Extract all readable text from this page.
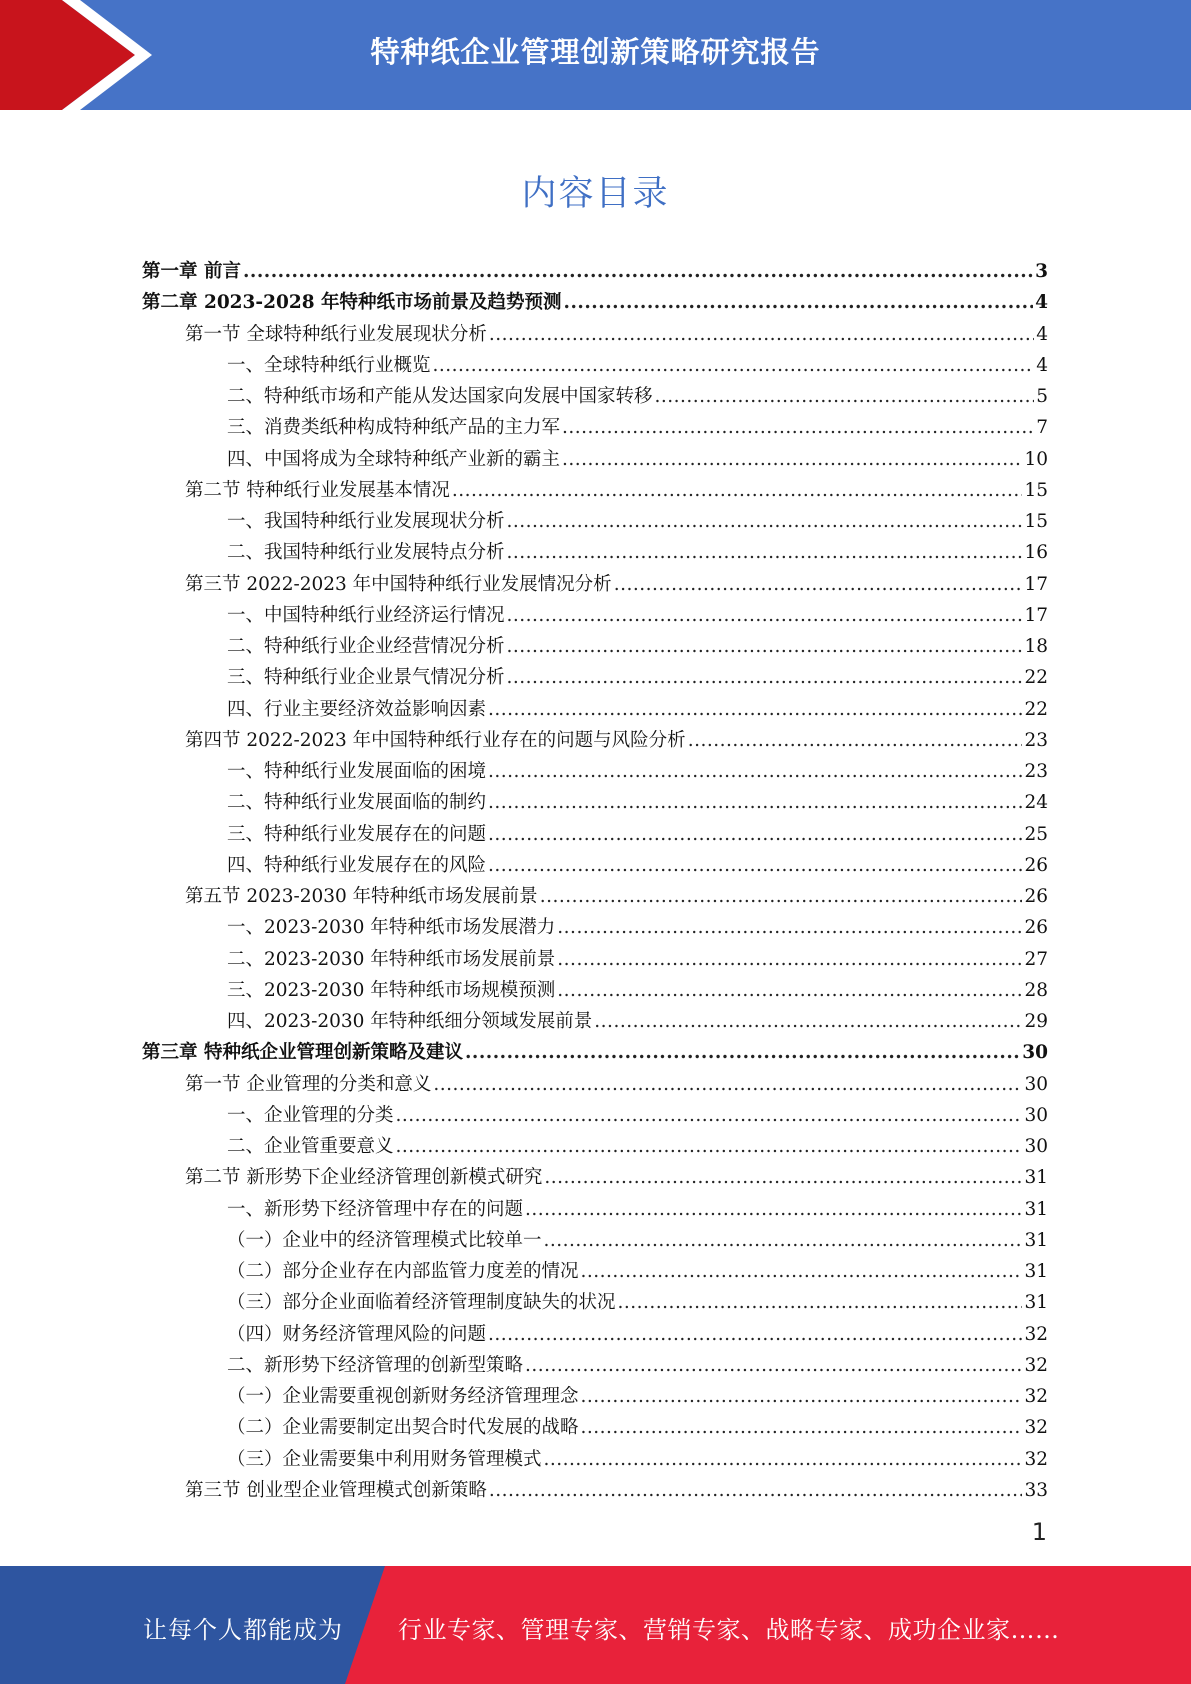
特种纸企业管理创新策略研究报告
内容目录
第一章 前言 .....	3
第二章 2023-2028 年特种纸市场前景及趋势预测 .....	4
第一节 全球特种纸行业发展现状分析 .....	4
一、全球特种纸行业概览 .....	4
二、特种纸市场和产能从发达国家向发展中国家转移 .....	5
三、消费类纸种构成特种纸产品的主力军 .....	7
四、中国将成为全球特种纸产业新的霸主 .....	10
第二节 特种纸行业发展基本情况 .....	15
一、我国特种纸行业发展现状分析 .....	15
二、我国特种纸行业发展特点分析 .....	16
第三节 2022-2023 年中国特种纸行业发展情况分析 .....	17
一、中国特种纸行业经济运行情况 .....	17
二、特种纸行业企业经营情况分析 .....	18
三、特种纸行业企业景气情况分析 .....	22
四、行业主要经济效益影响因素 .....	22
第四节 2022-2023 年中国特种纸行业存在的问题与风险分析 .....	23
一、特种纸行业发展面临的困境 .....	23
二、特种纸行业发展面临的制约 .....	24
三、特种纸行业发展存在的问题 .....	25
四、特种纸行业发展存在的风险 .....	26
第五节 2023-2030 年特种纸市场发展前景 .....	26
一、2023-2030 年特种纸市场发展潜力 .....	26
二、2023-2030 年特种纸市场发展前景 .....	27
三、2023-2030 年特种纸市场规模预测 .....	28
四、2023-2030 年特种纸细分领域发展前景 .....	29
第三章 特种纸企业管理创新策略及建议 .....	30
第一节 企业管理的分类和意义 .....	30
一、企业管理的分类 .....	30
二、企业管重要意义 .....	30
第二节 新形势下企业经济管理创新模式研究 .....	31
一、新形势下经济管理中存在的问题 .....	31
（一）企业中的经济管理模式比较单一 .....	31
（二）部分企业存在内部监管力度差的情况 .....	31
（三）部分企业面临着经济管理制度缺失的状况 .....	31
（四）财务经济管理风险的问题 .....	32
二、新形势下经济管理的创新型策略 .....	32
（一）企业需要重视创新财务经济管理理念 .....	32
（二）企业需要制定出契合时代发展的战略 .....	32
（三）企业需要集中利用财务管理模式 .....	32
第三节 创业型企业管理模式创新策略 .....	33
1
让每个人都能成为 行业专家、管理专家、营销专家、战略专家、成功企业家……
